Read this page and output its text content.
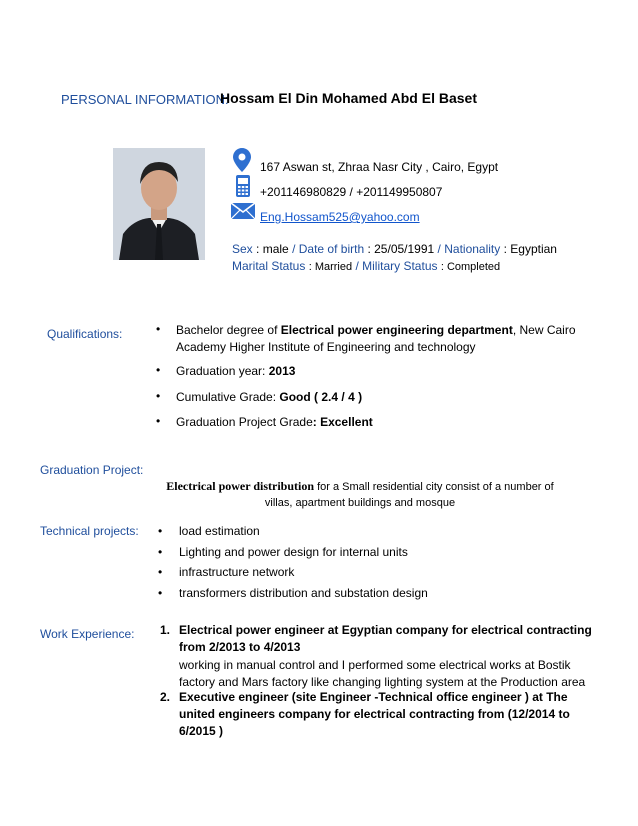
PERSONAL INFORMATION:
Hossam El Din Mohamed Abd El Baset
167 Aswan st, Zhraa Nasr City , Cairo, Egypt
+201146980829 / +201149950807
Eng.Hossam525@yahoo.com
Sex : male / Date of birth : 25/05/1991 / Nationality : Egyptian
Marital Status : Married / Military Status : Completed
Qualifications:	• Bachelor degree of Electrical power engineering department, New Cairo
Academy Higher Institute of Engineering and technology
• Graduation year: 2013
• Cumulative Grade: Good ( 2.4 / 4 )
• Graduation Project Grade: Excellent
Graduation Project:
Electrical power distribution for a Small residential city consist of a number of
villas, apartment buildings and mosque
Technical projects: • load estimation
• Lighting and power design for internal units
• infrastructure network
• transformers distribution and substation design
Work Experience: 1. Electrical power engineer at Egyptian company for electrical contracting
from 2/2013 to 4/2013
working in manual control and I performed some electrical works at Bostik
factory and Mars factory like changing lighting system at the Production area
2. Executive engineer (site Engineer -Technical office engineer ) at The
united engineers company for electrical contracting from (12/2014 to
6/2015 )
